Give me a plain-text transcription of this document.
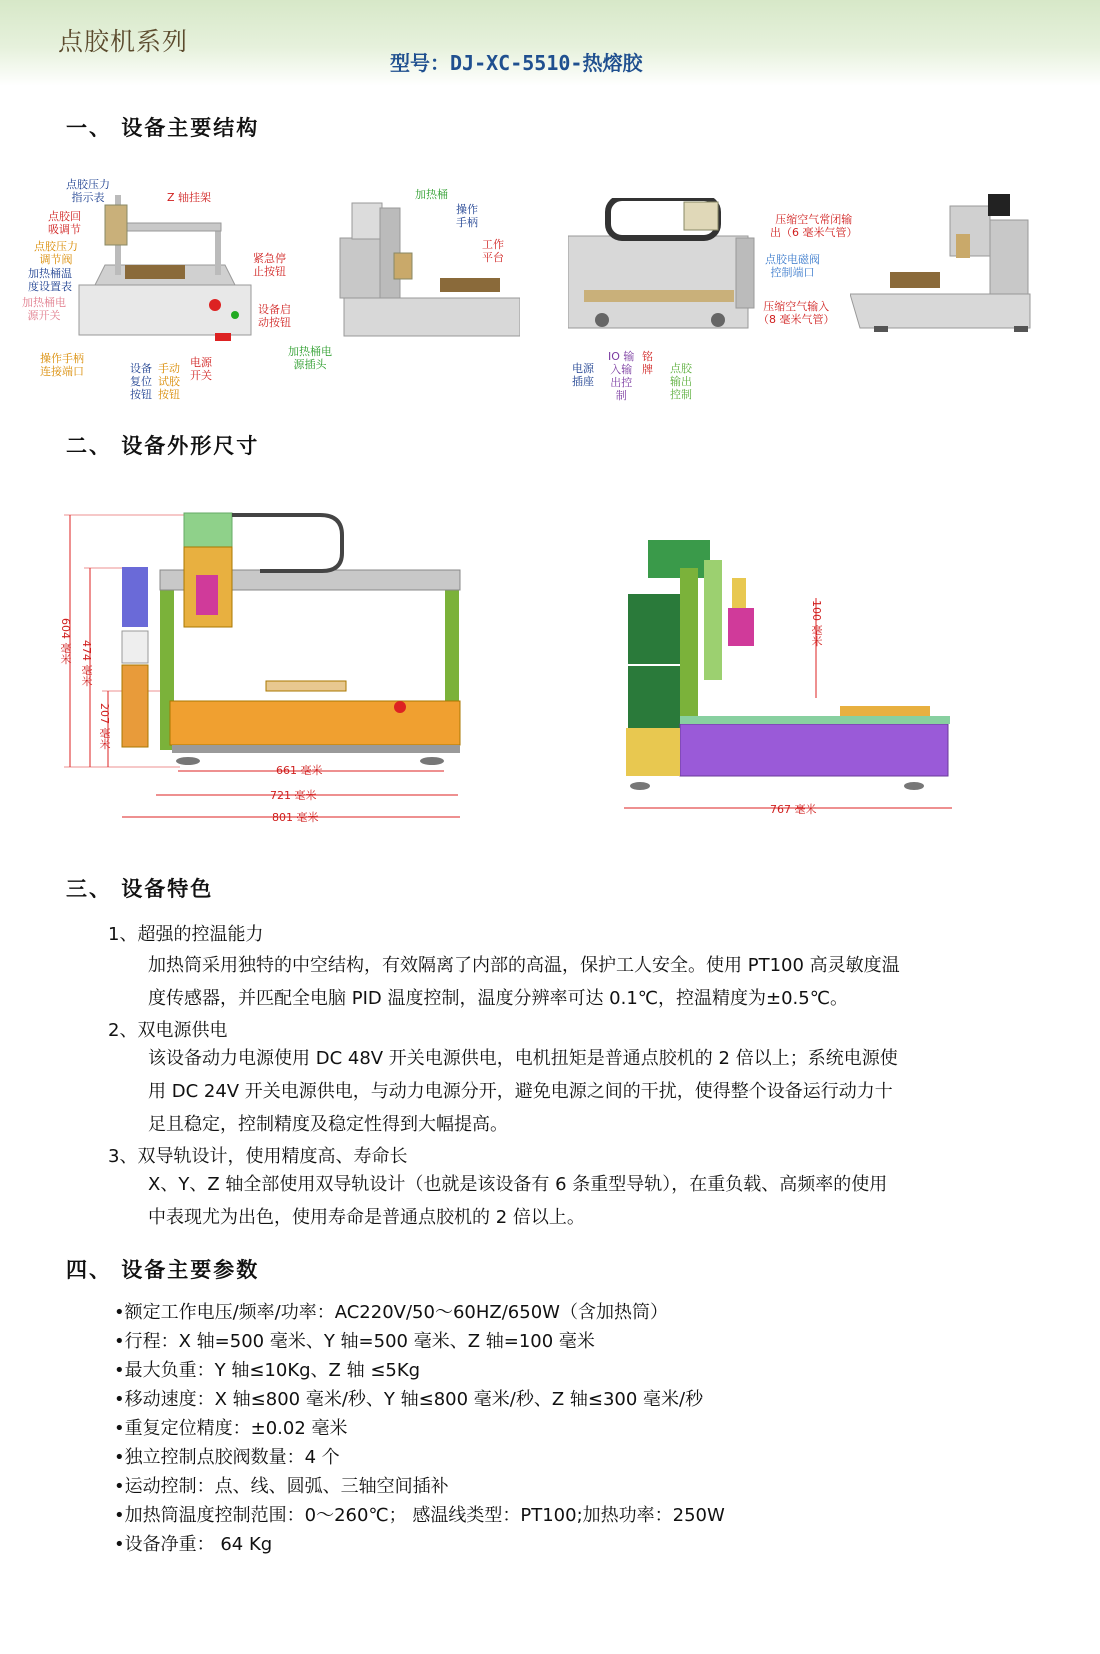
点胶机系列
型号：DJ-XC-5510-热熔胶
一、 设备主要结构
点胶压力
指示表	Z 轴挂架
点胶回
吸调节
点胶压力
调节阀
加热桶温
度设置表
加热桶电
源开关
紧急停
止按钮
设备启
动按钮
操作手柄
连接端口	设备
复位
按钮
手动
试胶
按钮
电源
开关
加热桶
操作
手柄
工作
平台
加热桶电
源插头
压缩空气常闭输
出（6 毫米气管）
点胶电磁阀
控制端口
压缩空气输入
（8 毫米气管）
电源
插座
IO 输
入输
出控
制
铭
牌 点胶
输出
控制
二、 设备外形尺寸
604 毫米 474 毫米
207 毫米
661 毫米
721 毫米
801 毫米
100 毫米
767 毫米
三、 设备特色
1、超强的控温能力
加热筒采用独特的中空结构，有效隔离了内部的高温，保护工人安全。使用 PT100 高灵敏度温
度传感器，并匹配全电脑 PID 温度控制，温度分辨率可达 0.1℃，控温精度为±0.5℃。
2、双电源供电
该设备动力电源使用 DC 48V 开关电源供电，电机扭矩是普通点胶机的 2 倍以上；系统电源使
用 DC 24V 开关电源供电，与动力电源分开，避免电源之间的干扰，使得整个设备运行动力十
足且稳定，控制精度及稳定性得到大幅提高。
3、双导轨设计，使用精度高、寿命长
X、Y、Z 轴全部使用双导轨设计（也就是该设备有 6 条重型导轨），在重负载、高频率的使用
中表现尤为出色，使用寿命是普通点胶机的 2 倍以上。
四、 设备主要参数
•额定工作电压/频率/功率：AC220V/50～60HZ/650W（含加热筒）
•行程：X 轴=500 毫米、Y 轴=500 毫米、Z 轴=100 毫米
•最大负重：Y 轴≤10Kg、Z 轴 ≤5Kg
•移动速度：X 轴≤800 毫米/秒、Y 轴≤800 毫米/秒、Z 轴≤300 毫米/秒
•重复定位精度：±0.02 毫米
•独立控制点胶阀数量：4 个
•运动控制：点、线、圆弧、三轴空间插补
•加热筒温度控制范围：0～260℃； 感温线类型：PT100;加热功率：250W
•设备净重： 64 Kg
